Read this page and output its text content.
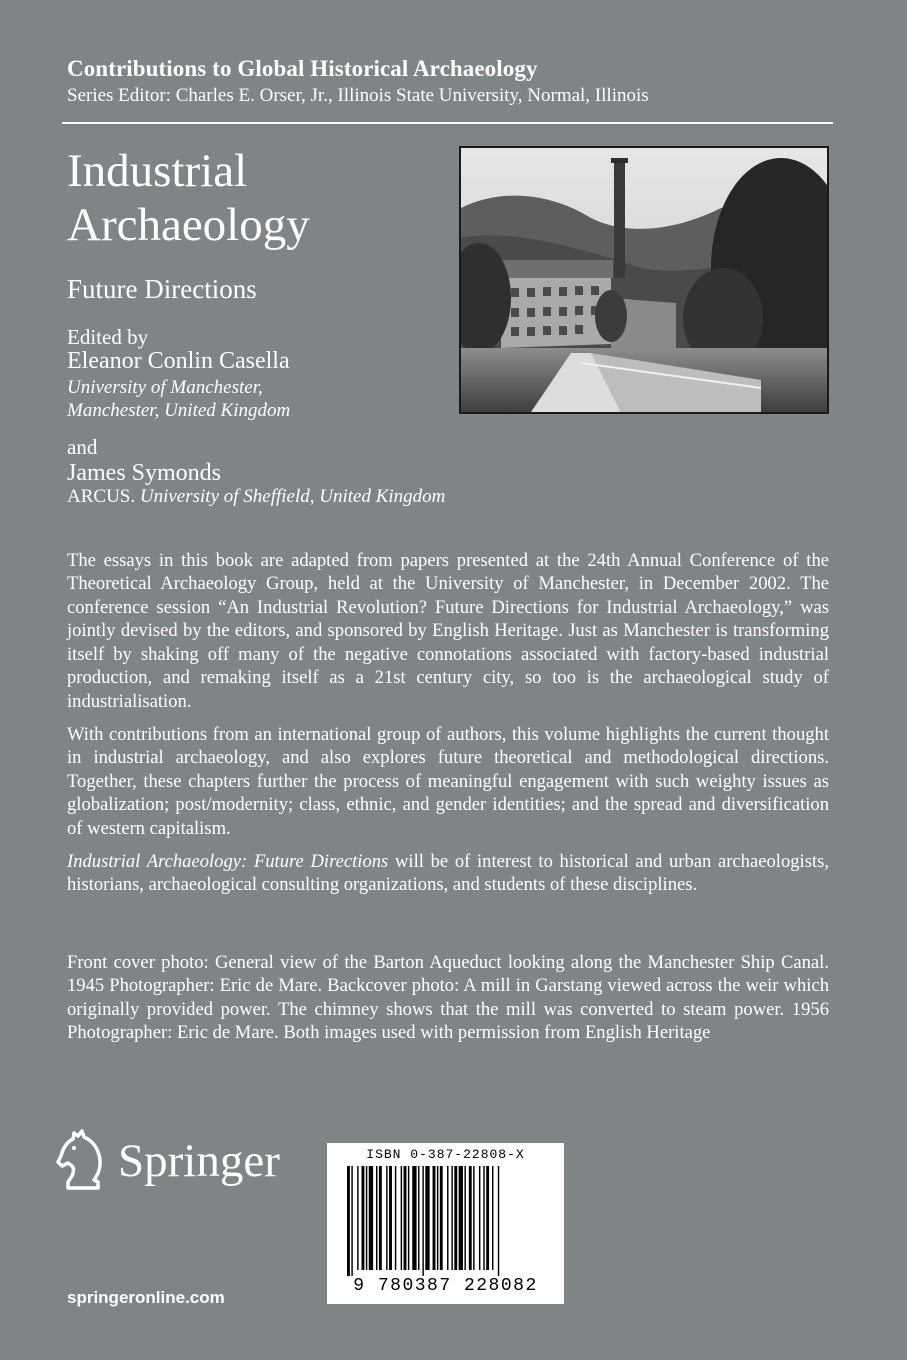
Contributions to Global Historical Archaeology
Series Editor: Charles E. Orser, Jr., Illinois State University, Normal, Illinois
Industrial
Archaeology
Future Directions
Edited by
Eleanor Conlin Casella
University of Manchester,
Manchester, United Kingdom
and
James Symonds
ARCUS. University of Sheffield, United Kingdom

The essays in this book are adapted from papers presented at the 24th Annual Conference of the Theoretical Archaeology Group, held at the University of Manchester, in December 2002. The conference session “An Industrial Revolution? Future Directions for Industrial Archaeology,” was jointly devised by the editors, and sponsored by English Heritage. Just as Manchester is transforming itself by shaking off many of the negative connotations associated with factory-based industrial production, and remaking itself as a 21st century city, so too is the archaeological study of industrialisation.

With contributions from an international group of authors, this volume highlights the current thought in industrial archaeology, and also explores future theoretical and methodological directions. Together, these chapters further the process of meaningful engagement with such weighty issues as globalization; post/modernity; class, ethnic, and gender identities; and the spread and diversification of western capitalism.

Industrial Archaeology: Future Directions will be of interest to historical and urban archaeologists, historians, archaeological consulting organizations, and students of these disciplines.

Front cover photo: General view of the Barton Aqueduct looking along the Manchester Ship Canal. 1945 Photographer: Eric de Mare. Backcover photo: A mill in Garstang viewed across the weir which originally provided power. The chimney shows that the mill was converted to steam power. 1956 Photographer: Eric de Mare. Both images used with permission from English Heritage

Springer
springeronline.com
ISBN 0-387-22808-X
9 780387 228082
